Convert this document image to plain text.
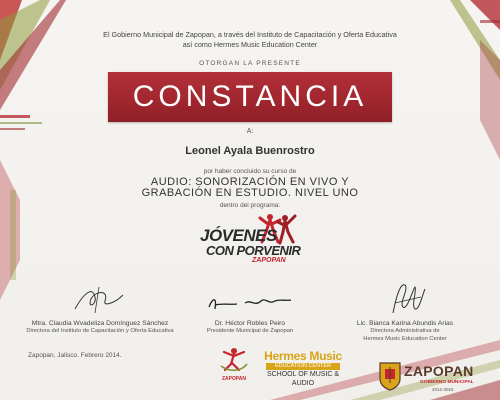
El Gobierno Municipal de Zapopan, a través del Instituto de Capacitación y Oferta Educativa
así como Hermes Music Education Center
OTORGAN LA PRESENTE
CONSTANCIA
A:
Leonel Ayala Buenrostro
por haber concluido su curso de
AUDIO: SONORIZACIÓN EN VIVO Y
GRABACIÓN EN ESTUDIO. NIVEL UNO
dentro del programa:
JÓVENES
CON PORVENIR
ZAPOPAN
Mtra. Claudia Wvadeliza Domínguez Sánchez
Directora del Instituto de Capacitación y Oferta Educativa
Dr. Héctor Robles Peiro
Presidente Municipal de Zapopan
Lic. Bianca Karina Abundis Arias
Directora Administrativa de
Hermes Music Education Center
Zapopan, Jalisco. Febrero 2014.
ZAPOPAN
Hermes Music
EDUCATION CENTER
SCHOOL OF MUSIC & AUDIO
ZAPOPAN
GOBIERNO MUNICIPAL
2012-2015
